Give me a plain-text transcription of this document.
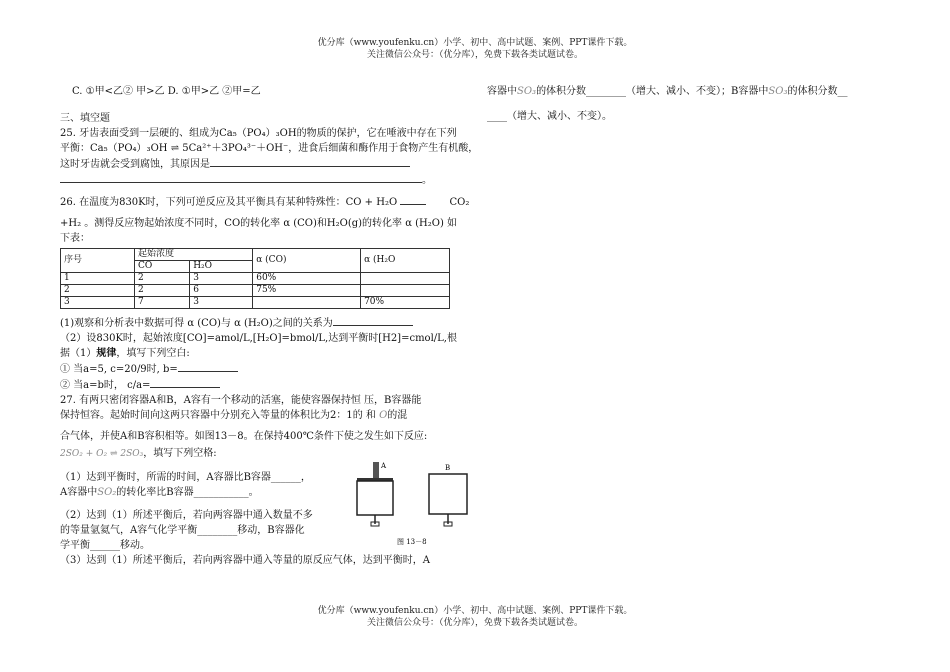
优分库（www.youfenku.cn）小学、初中、高中试题、案例、PPT课件下载。
关注微信公众号：（优分库），免费下载各类试题试卷。
C. ①甲<乙② 甲>乙 D. ①甲>乙 ②甲=乙
三、填空题
25. 牙齿表面受到一层硬的、组成为Ca₅（PO₄）₃OH的物质的保护，它在唾液中存在下列
平衡：Ca₅（PO₄）₃OH ⇌ 5Ca²⁺＋3PO₄³⁻＋OH⁻，进食后细菌和酶作用于食物产生有机酸，
这时牙齿就会受到腐蚀，其原因是
。
26. 在温度为830K时，下列可逆反应及其平衡具有某种特殊性：CO + H₂O	CO₂
+H₂ 。测得反应物起始浓度不同时，CO的转化率 α (CO)和H₂O(g)的转化率 α (H₂O) 如
下表：
序号	起始浓度		α (CO)	α (H₂O
	CO	H₂O		
1	2	3	60%	
2	2	6	75%	
3	7	3		70%
(1)观察和分析表中数据可得 α (CO)与 α (H₂O)之间的关系为
（2）设830K时，起始浓度[CO]=amol/L,[H₂O]=bmol/L,达到平衡时[H2]=cmol/L,根
据（1）规律，填写下列空白:
① 当a=5, c=20/9时, b=
② 当a=b时， c/a=
27. 有两只密闭容器A和B，A容有一个移动的活塞，能使容器保持恒 压，B容器能
保持恒容。起始时间向这两只容器中分别充入等量的体积比为2：1的 和 O的混
合气体，并使A和B容积相等。如图13－8。在保持400℃条件下使之发生如下反应:
2SO₂ + O₂ ⇌ 2SO₃，填写下列空格:
（1）达到平衡时，所需的时间，A容器比B容器______，
A容器中SO₂的转化率比B容器___________。
（2）达到（1）所述平衡后，若向两容器中通入数量不多
的等量氩氦气，A容气化学平衡________移动，B容器化
学平衡______移动。
（3）达到（1）所述平衡后，若向两容器中通入等量的原反应气体，达到平衡时，A
A	B
图 13－8
容器中SO₃的体积分数________（增大、减小、不变）；B容器中SO₃的体积分数__
____（增大、减小、不变）。
优分库（www.youfenku.cn）小学、初中、高中试题、案例、PPT课件下载。
关注微信公众号：（优分库），免费下载各类试题试卷。
